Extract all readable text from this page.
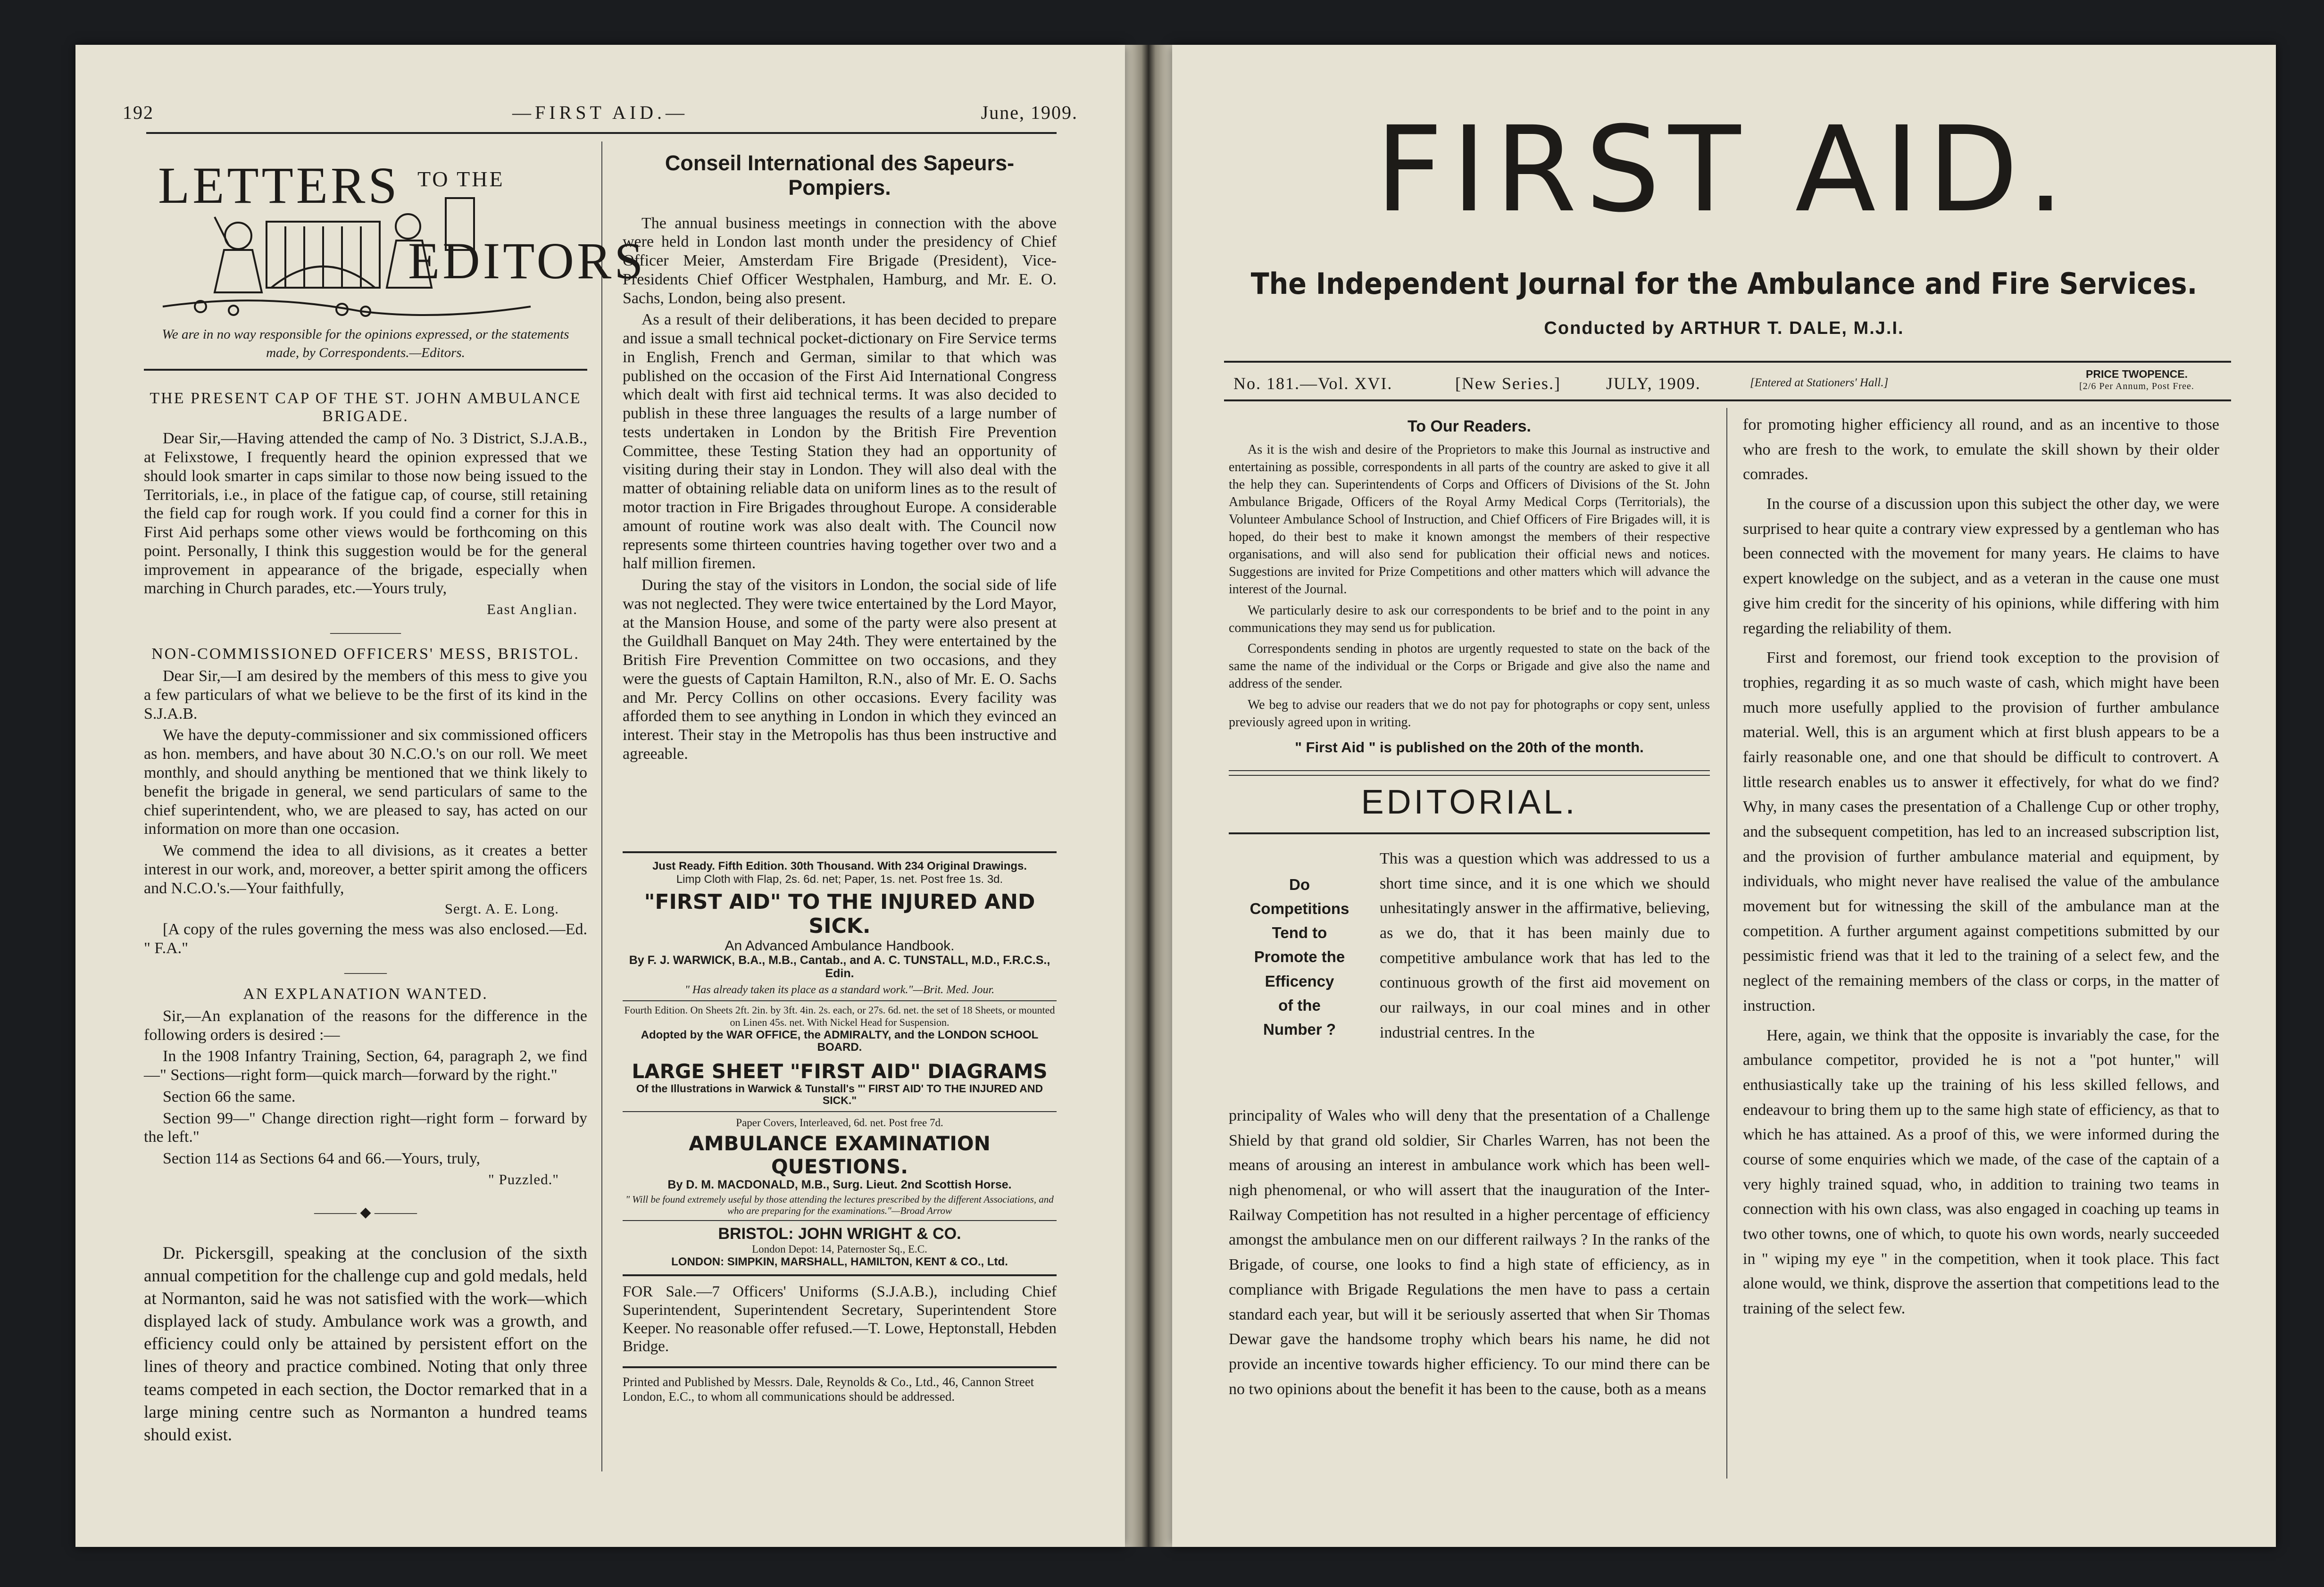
192	—FIRST AID.—	June, 1909.
LETTERS TO THE
EDITORS
We are in no way responsible for the opinions expressed, or the statements made, by Correspondents.—Editors.
THE PRESENT CAP OF THE ST. JOHN AMBULANCE BRIGADE.

Dear Sir,—Having attended the camp of No. 3 District, S.J.A.B., at Felixstowe, I frequently heard the opinion expressed that we should look smarter in caps similar to those now being issued to the Territorials, i.e., in place of the fatigue cap, of course, still retaining the field cap for rough work. If you could find a corner for this in First Aid perhaps some other views would be forthcoming on this point. Personally, I think this suggestion would be for the general improvement in appearance of the brigade, especially when marching in Church parades, etc.—Yours truly,

East Anglian.
—————
NON-COMMISSIONED OFFICERS' MESS, BRISTOL.

Dear Sir,—I am desired by the members of this mess to give you a few particulars of what we believe to be the first of its kind in the S.J.A.B.

We have the deputy-commissioner and six commissioned officers as hon. members, and have about 30 N.C.O.'s on our roll. We meet monthly, and should anything be mentioned that we think likely to benefit the brigade in general, we send particulars of same to the chief superintendent, who, we are pleased to say, has acted on our information on more than one occasion.

We commend the idea to all divisions, as it creates a better interest in our work, and, moreover, a better spirit among the officers and N.C.O.'s.—Your faithfully,

Sergt. A. E. Long.

[A copy of the rules governing the mess was also enclosed.—Ed. " F.A."

———
AN EXPLANATION WANTED.

Sir,—An explanation of the reasons for the difference in the following orders is desired :—

In the 1908 Infantry Training, Section, 64, paragraph 2, we find—" Sections—right form—quick march—forward by the right."

Section 66 the same.

Section 99—" Change direction right—right form – forward by the left."

Section 114 as Sections 64 and 66.—Yours, truly,

" Puzzled."
——— ◆ ———

Dr. Pickersgill, speaking at the conclusion of the sixth annual competition for the challenge cup and gold medals, held at Normanton, said he was not satisfied with the work—which displayed lack of study. Ambulance work was a growth, and efficiency could only be attained by persistent effort on the lines of theory and practice combined. Noting that only three teams competed in each section, the Doctor remarked that in a large mining centre such as Normanton a hundred teams should exist.

Conseil International des Sapeurs-Pompiers.

The annual business meetings in connection with the above were held in London last month under the presidency of Chief Officer Meier, Amsterdam Fire Brigade (President), Vice-Presidents Chief Officer Westphalen, Hamburg, and Mr. E. O. Sachs, London, being also present.

As a result of their deliberations, it has been decided to prepare and issue a small technical pocket-dictionary on Fire Service terms in English, French and German, similar to that which was published on the occasion of the First Aid International Congress which dealt with first aid technical terms. It was also decided to publish in these three languages the results of a large number of tests undertaken in London by the British Fire Prevention Committee, these Testing Station they had an opportunity of visiting during their stay in London. They will also deal with the matter of obtaining reliable data on uniform lines as to the result of motor traction in Fire Brigades throughout Europe. A considerable amount of routine work was also dealt with. The Council now represents some thirteen countries having together over two and a half million firemen.

During the stay of the visitors in London, the social side of life was not neglected. They were twice entertained by the Lord Mayor, at the Mansion House, and some of the party were also present at the Guildhall Banquet on May 24th. They were entertained by the British Fire Prevention Committee on two occasions, and they were the guests of Captain Hamilton, R.N., also of Mr. E. O. Sachs and Mr. Percy Collins on other occasions. Every facility was afforded them to see anything in London in which they evinced an interest. Their stay in the Metropolis has thus been instructive and agreeable.

Just Ready. Fifth Edition. 30th Thousand. With 234 Original Drawings.
Limp Cloth with Flap, 2s. 6d. net; Paper, 1s. net. Post free 1s. 3d.
"FIRST AID" TO THE INJURED AND SICK.
An Advanced Ambulance Handbook.
By F. J. WARWICK, B.A., M.B., Cantab., and A. C. TUNSTALL, M.D., F.R.C.S., Edin.
" Has already taken its place as a standard work."—Brit. Med. Jour.
Fourth Edition. On Sheets 2ft. 2in. by 3ft. 4in. 2s. each, or 27s. 6d. net. the set of 18 Sheets, or mounted on Linen 45s. net. With Nickel Head for Suspension.
Adopted by the WAR OFFICE, the ADMIRALTY, and the LONDON SCHOOL BOARD.
LARGE SHEET "FIRST AID" DIAGRAMS
Of the Illustrations in Warwick & Tunstall's "' FIRST AID' TO THE INJURED AND SICK."
Paper Covers, Interleaved, 6d. net. Post free 7d.
AMBULANCE EXAMINATION QUESTIONS.
By D. M. MACDONALD, M.B., Surg. Lieut. 2nd Scottish Horse.
" Will be found extremely useful by those attending the lectures prescribed by the different Associations, and who are preparing for the examinations."—Broad Arrow
BRISTOL: JOHN WRIGHT & CO.
London Depot: 14, Paternoster Sq., E.C.
LONDON: SIMPKIN, MARSHALL, HAMILTON, KENT & CO., Ltd.

FOR Sale.—7 Officers' Uniforms (S.J.A.B.), including Chief Superintendent, Superintendent Secretary, Superintendent Store Keeper. No reasonable offer refused.—T. Lowe, Heptonstall, Hebden Bridge.

Printed and Published by Messrs. Dale, Reynolds & Co., Ltd., 46, Cannon Street London, E.C., to whom all communications should be addressed.

FIRST AID.
The Independent Journal for the Ambulance and Fire Services.
Conducted by ARTHUR T. DALE, M.J.I.
No. 181.—Vol. XVI.	[New Series.]	JULY, 1909.	[Entered at Stationers' Hall.]
PRICE TWOPENCE.
[2/6 Per Annum, Post Free.
To Our Readers.

As it is the wish and desire of the Proprietors to make this Journal as instructive and entertaining as possible, correspondents in all parts of the country are asked to give it all the help they can. Superintendents of Corps and Officers of Divisions of the St. John Ambulance Brigade, Officers of the Royal Army Medical Corps (Territorials), the Volunteer Ambulance School of Instruction, and Chief Officers of Fire Brigades will, it is hoped, do their best to make it known amongst the members of their respective organisations, and will also send for publication their official news and notices. Suggestions are invited for Prize Competitions and other matters which will advance the interest of the Journal.

We particularly desire to ask our correspondents to be brief and to the point in any communications they may send us for publication.

Correspondents sending in photos are urgently requested to state on the back of the same the name of the individual or the Corps or Brigade and give also the name and address of the sender.

We beg to advise our readers that we do not pay for photographs or copy sent, unless previously agreed upon in writing.

" First Aid " is published on the 20th of the month.
EDITORIAL.
Do
Competitions
Tend to
Promote the
Efficency
of the
Number ?

This was a question which was addressed to us a short time since, and it is one which we should unhesitatingly answer in the affirmative, believing, as we do, that it has been mainly due to competitive ambulance work that has led to the continuous growth of the first aid movement on our railways, in our coal mines and in other industrial centres. In the

principality of Wales who will deny that the presentation of a Challenge Shield by that grand old soldier, Sir Charles Warren, has not been the means of arousing an interest in ambulance work which has been well-nigh phenomenal, or who will assert that the inauguration of the Inter-Railway Competition has not resulted in a higher percentage of efficiency amongst the ambulance men on our different railways ? In the ranks of the Brigade, of course, one looks to find a high state of efficiency, as in compliance with Brigade Regulations the men have to pass a certain standard each year, but will it be seriously asserted that when Sir Thomas Dewar gave the handsome trophy which bears his name, he did not provide an incentive towards higher efficiency. To our mind there can be no two opinions about the benefit it has been to the cause, both as a means

for promoting higher efficiency all round, and as an incentive to those who are fresh to the work, to emulate the skill shown by their older comrades.

In the course of a discussion upon this subject the other day, we were surprised to hear quite a contrary view expressed by a gentleman who has been connected with the movement for many years. He claims to have expert knowledge on the subject, and as a veteran in the cause one must give him credit for the sincerity of his opinions, while differing with him regarding the reliability of them.

First and foremost, our friend took exception to the provision of trophies, regarding it as so much waste of cash, which might have been much more usefully applied to the provision of further ambulance material. Well, this is an argument which at first blush appears to be a fairly reasonable one, and one that should be difficult to controvert. A little research enables us to answer it effectively, for what do we find? Why, in many cases the presentation of a Challenge Cup or other trophy, and the subsequent competition, has led to an increased subscription list, and the provision of further ambulance material and equipment, by individuals, who might never have realised the value of the ambulance movement but for witnessing the skill of the ambulance man at the competition. A further argument against competitions submitted by our pessimistic friend was that it led to the training of a select few, and the neglect of the remaining members of the class or corps, in the matter of instruction.

Here, again, we think that the opposite is invariably the case, for the ambulance competitor, provided he is not a "pot hunter," will enthusiastically take up the training of his less skilled fellows, and endeavour to bring them up to the same high state of efficiency, as that to which he has attained. As a proof of this, we were informed during the course of some enquiries which we made, of the case of the captain of a very highly trained squad, who, in addition to training two teams in connection with his own class, was also engaged in coaching up teams in two other towns, one of which, to quote his own words, nearly succeeded in " wiping my eye " in the competition, when it took place. This fact alone would, we think, disprove the assertion that competitions lead to the training of the select few.
